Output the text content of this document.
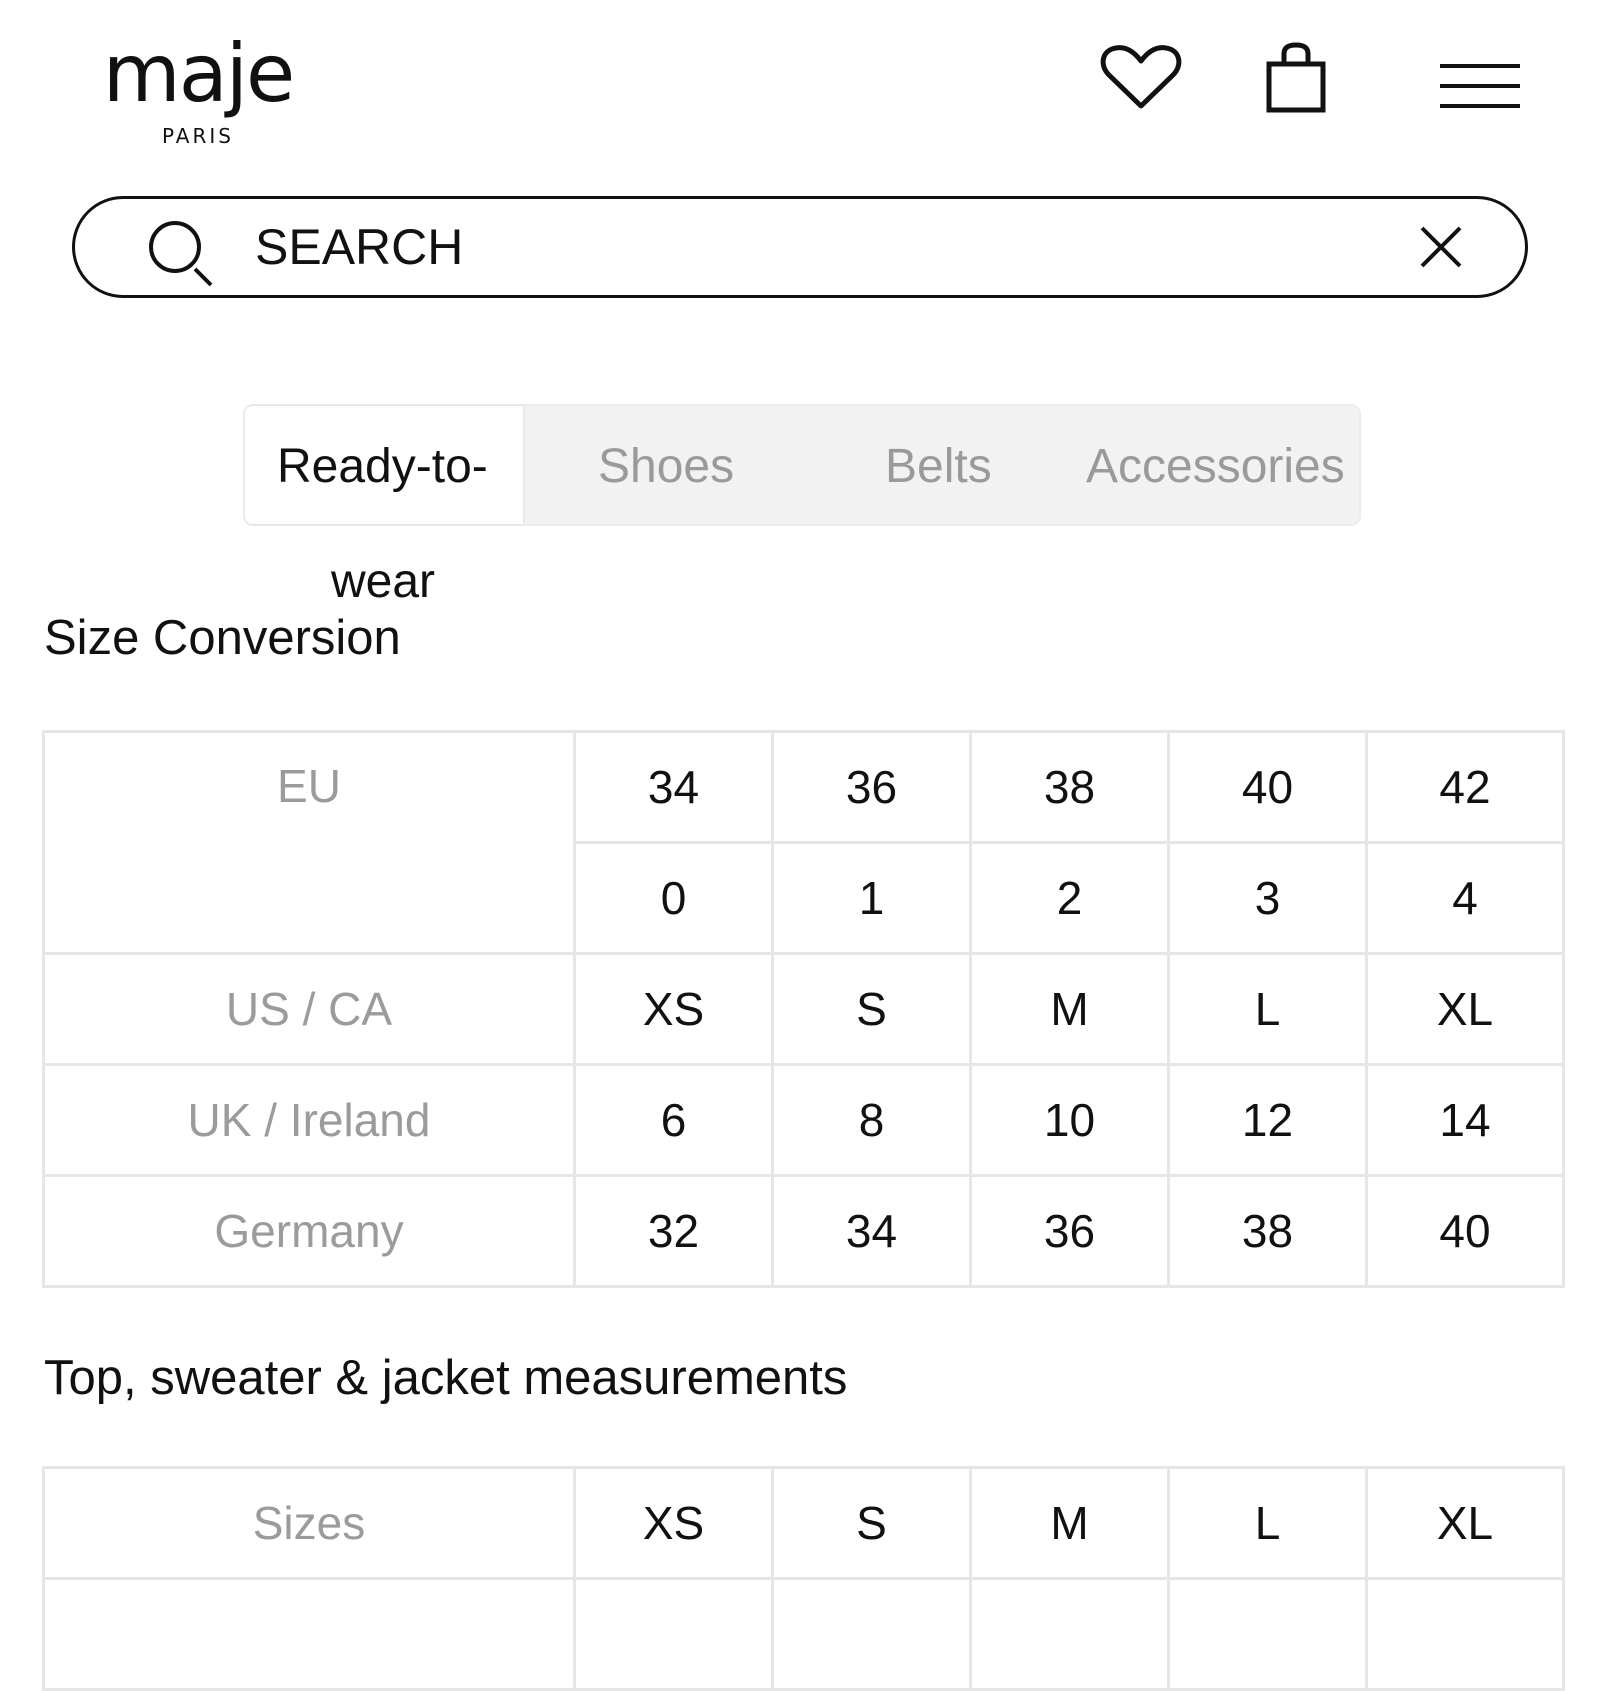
maje
PARIS
SEARCH
Ready-to-
wear
Shoes	Belts Accessories
Size Conversion
EU	34	36	38	40	42
	0	1	2	3	4
US / CA	XS	S	M	L	XL
UK / Ireland	6	8	10	12	14
Germany	32	34	36	38	40
Top, sweater & jacket measurements
Sizes	XS	S	M	L	XL
